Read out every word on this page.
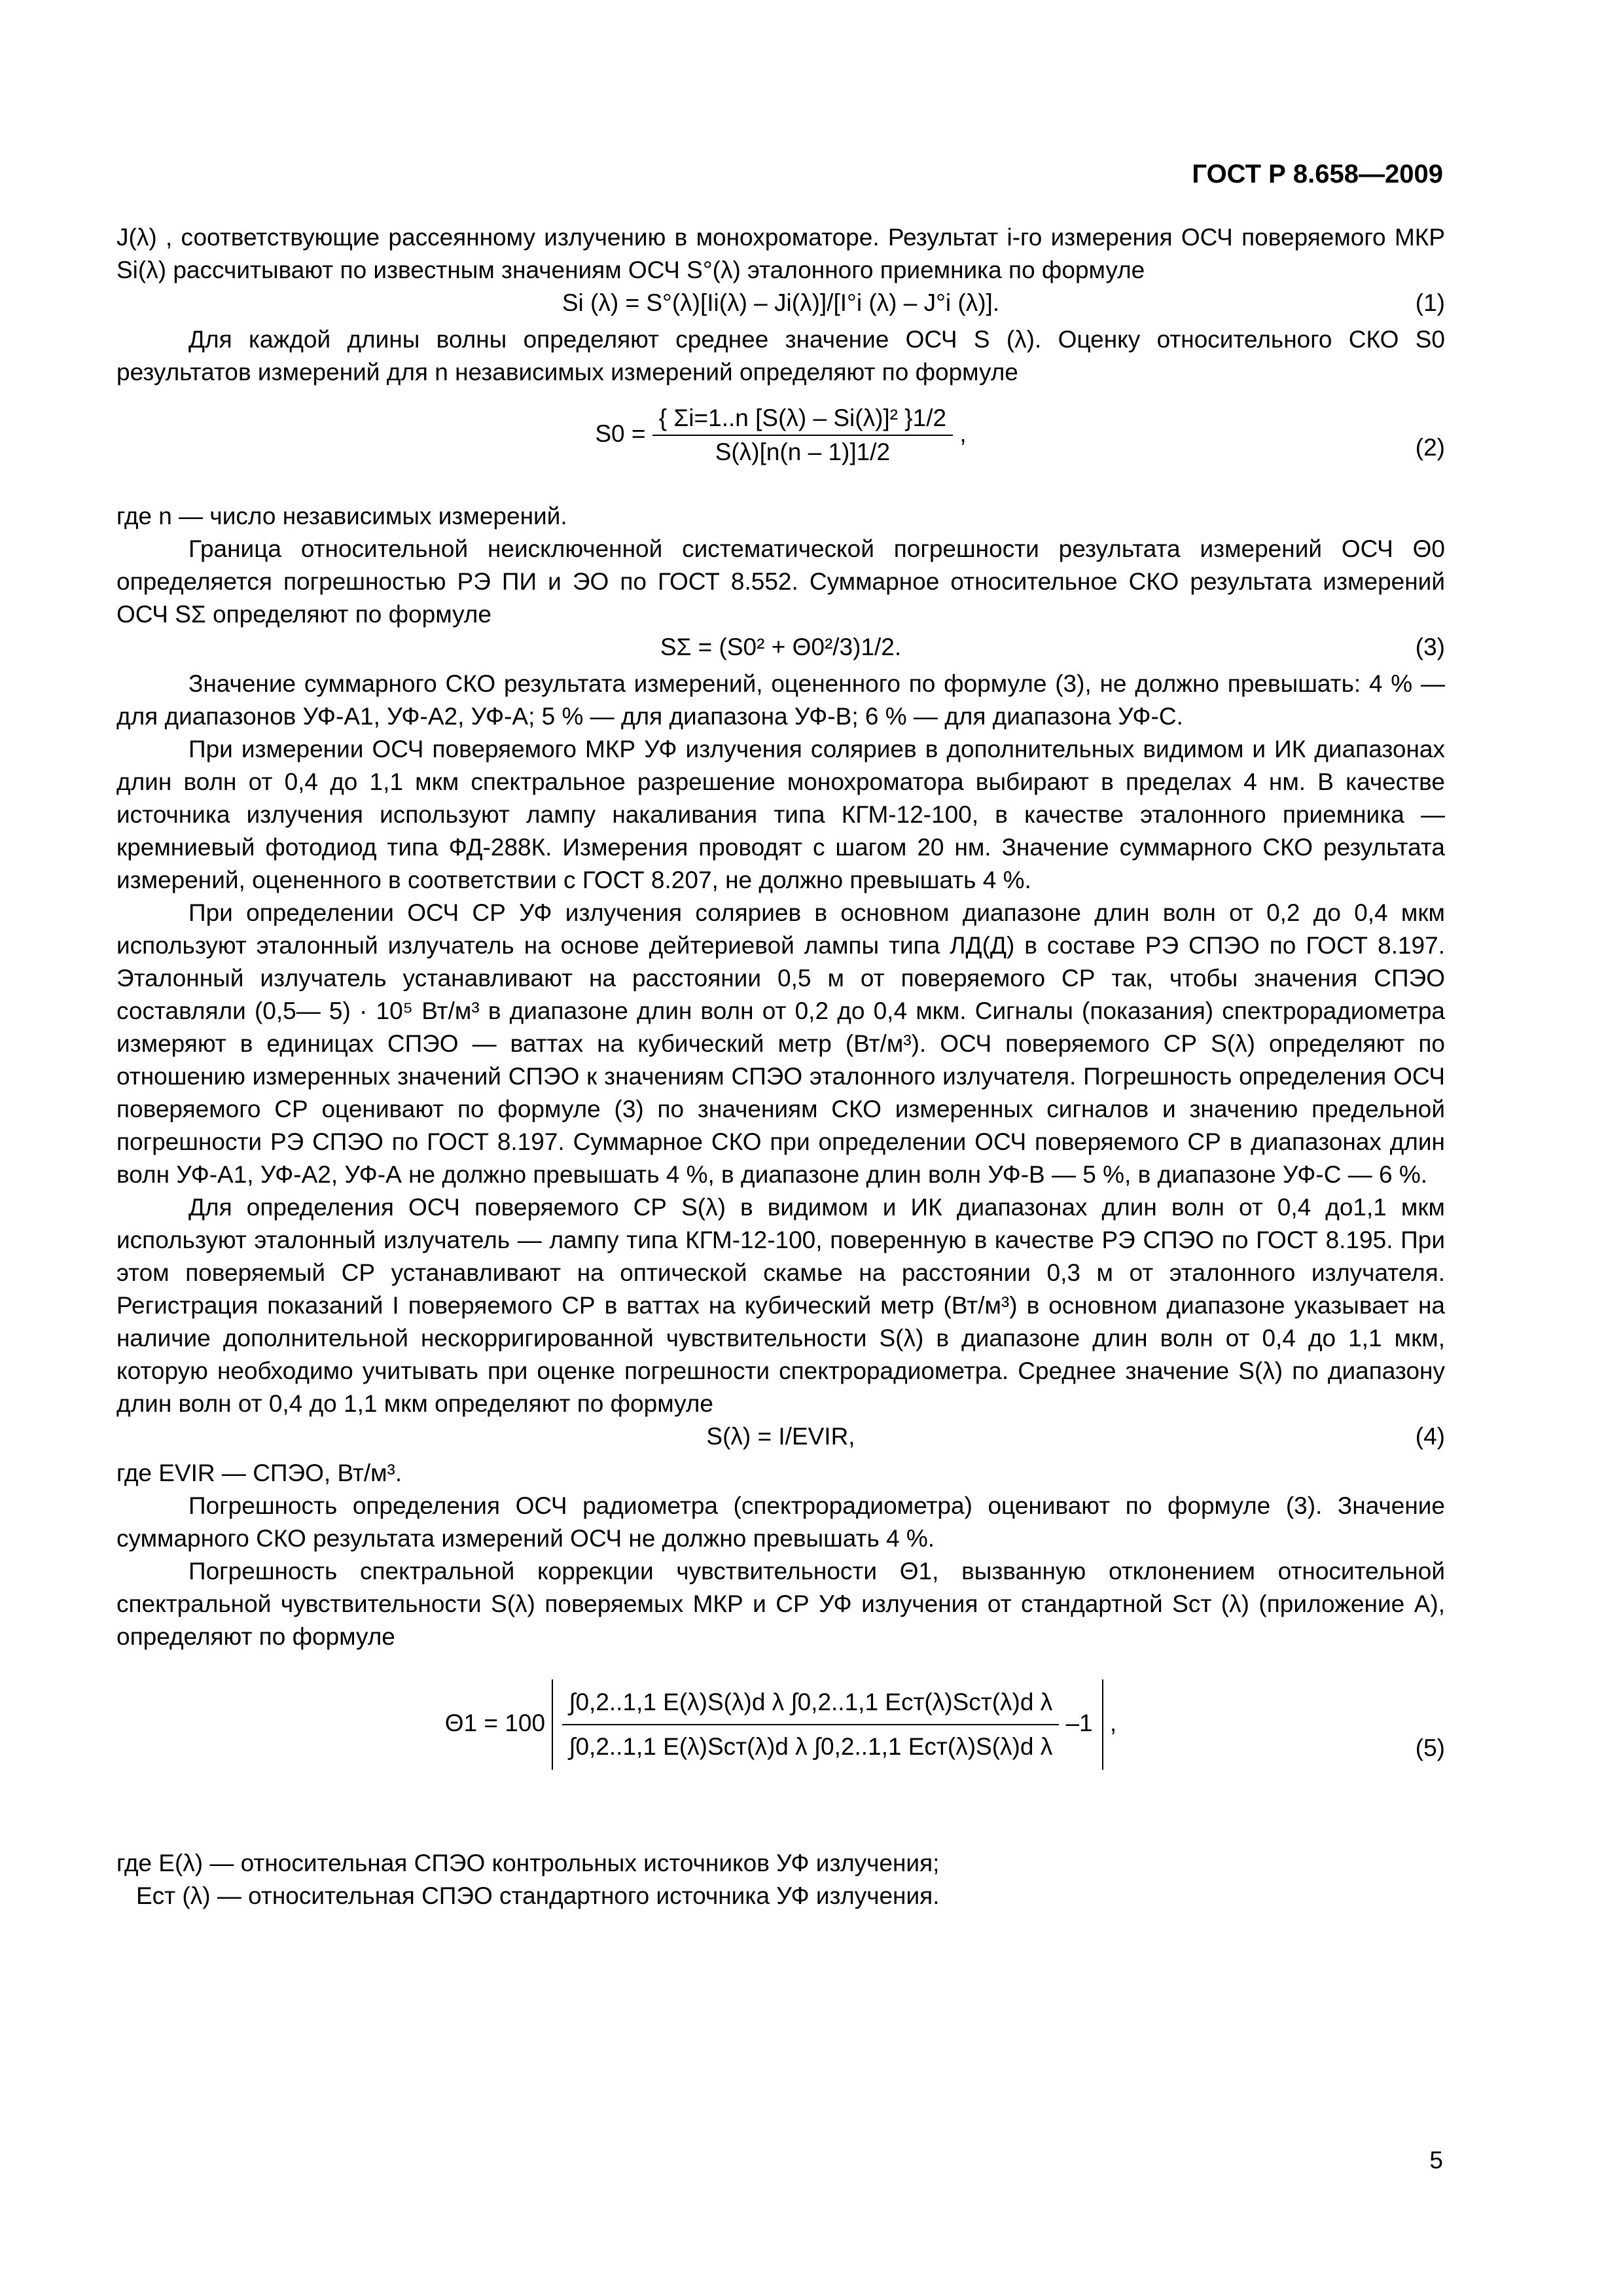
ГОСТ Р 8.658—2009

J(λ) , соответствующие рассеянному излучению в монохроматоре. Результат i-го измерения ОСЧ поверяемого МКР Si(λ) рассчитывают по известным значениям ОСЧ S°(λ) эталонного приемника по формуле

Si (λ) = S°(λ)[Ii(λ) – Ji(λ)]/[I°i (λ) – J°i (λ)].	(1)

Для каждой длины волны определяют среднее значение ОСЧ S (λ). Оценку относительного СКО S0 результатов измерений для n независимых измерений определяют по формуле

$S0 = \frac{\text{\{ Σi=1..n [S(λ) – Si(λ)]² \}1/2}}{S(\lambda)[n(n - 1)]1/2}$ ,
(2)

где n — число независимых измерений.

Граница относительной неисключенной систематической погрешности результата измерений ОСЧ Θ0 определяется погрешностью РЭ ПИ и ЭО по ГОСТ 8.552. Суммарное относительное СКО результата измерений ОСЧ SΣ определяют по формуле

SΣ = (S0² + Θ0²/3)1/2.	(3)

Значение суммарного СКО результата измерений, оцененного по формуле (3), не должно превышать: 4 % — для диапазонов УФ-А1, УФ-А2, УФ-А; 5 % — для диапазона УФ-В; 6 % — для диапазона УФ-С.

При измерении ОСЧ поверяемого МКР УФ излучения соляриев в дополнительных видимом и ИК диапазонах длин волн от 0,4 до 1,1 мкм спектральное разрешение монохроматора выбирают в пределах 4 нм. В качестве источника излучения используют лампу накаливания типа КГМ-12-100, в качестве эталонного приемника — кремниевый фотодиод типа ФД-288К. Измерения проводят с шагом 20 нм. Значение суммарного СКО результата измерений, оцененного в соответствии с ГОСТ 8.207, не должно превышать 4 %.

При определении ОСЧ СР УФ излучения соляриев в основном диапазоне длин волн от 0,2 до 0,4 мкм используют эталонный излучатель на основе дейтериевой лампы типа ЛД(Д) в составе РЭ СПЭО по ГОСТ 8.197. Эталонный излучатель устанавливают на расстоянии 0,5 м от поверяемого СР так, чтобы значения СПЭО составляли (0,5— 5) · 10⁵ Вт/м³ в диапазоне длин волн от 0,2 до 0,4 мкм. Сигналы (показания) спектрорадиометра измеряют в единицах СПЭО — ваттах на кубический метр (Вт/м³). ОСЧ поверяемого СР S(λ) определяют по отношению измеренных значений СПЭО к значениям СПЭО эталонного излучателя. Погрешность определения ОСЧ поверяемого СР оценивают по формуле (3) по значениям СКО измеренных сигналов и значению предельной погрешности РЭ СПЭО по ГОСТ 8.197. Суммарное СКО при определении ОСЧ поверяемого СР в диапазонах длин волн УФ-А1, УФ-А2, УФ-А не должно превышать 4 %, в диапазоне длин волн УФ-В — 5 %, в диапазоне УФ-С — 6 %.

Для определения ОСЧ поверяемого СР S(λ) в видимом и ИК диапазонах длин волн от 0,4 до1,1 мкм используют эталонный излучатель — лампу типа КГМ-12-100, поверенную в качестве РЭ СПЭО по ГОСТ 8.195. При этом поверяемый СР устанавливают на оптической скамье на расстоянии 0,3 м от эталонного излучателя. Регистрация показаний I поверяемого СР в ваттах на кубический метр (Вт/м³) в основном диапазоне указывает на наличие дополнительной нескорригированной чувствительности S(λ) в диапазоне длин волн от 0,4 до 1,1 мкм, которую необходимо учитывать при оценке погрешности спектрорадиометра. Среднее значение S(λ) по диапазону длин волн от 0,4 до 1,1 мкм определяют по формуле

S(λ) = I/EVIR,	(4)

где EVIR — СПЭО, Вт/м³.

Погрешность определения ОСЧ радиометра (спектрорадиометра) оценивают по формуле (3). Значение суммарного СКО результата измерений ОСЧ не должно превышать 4 %.

Погрешность спектральной коррекции чувствительности Θ1, вызванную отклонением относительной спектральной чувствительности S(λ) поверяемых МКР и СР УФ излучения от стандартной Sст (λ) (приложение А), определяют по формуле

$\Theta 1 = 100 \frac{\text{∫0,2..1,1 E(λ)S(λ)d λ ∫0,2..1,1 Eст(λ)Sст(λ)d λ}}{\text{∫0,2..1,1 E(λ)Sст(λ)d λ ∫0,2..1,1 Eст(λ)S(λ)d λ}} -1$ ,
(5)
где E(λ) — относительная СПЭО контрольных источников УФ излучения;
Eст (λ) — относительная СПЭО стандартного источника УФ излучения.
5
